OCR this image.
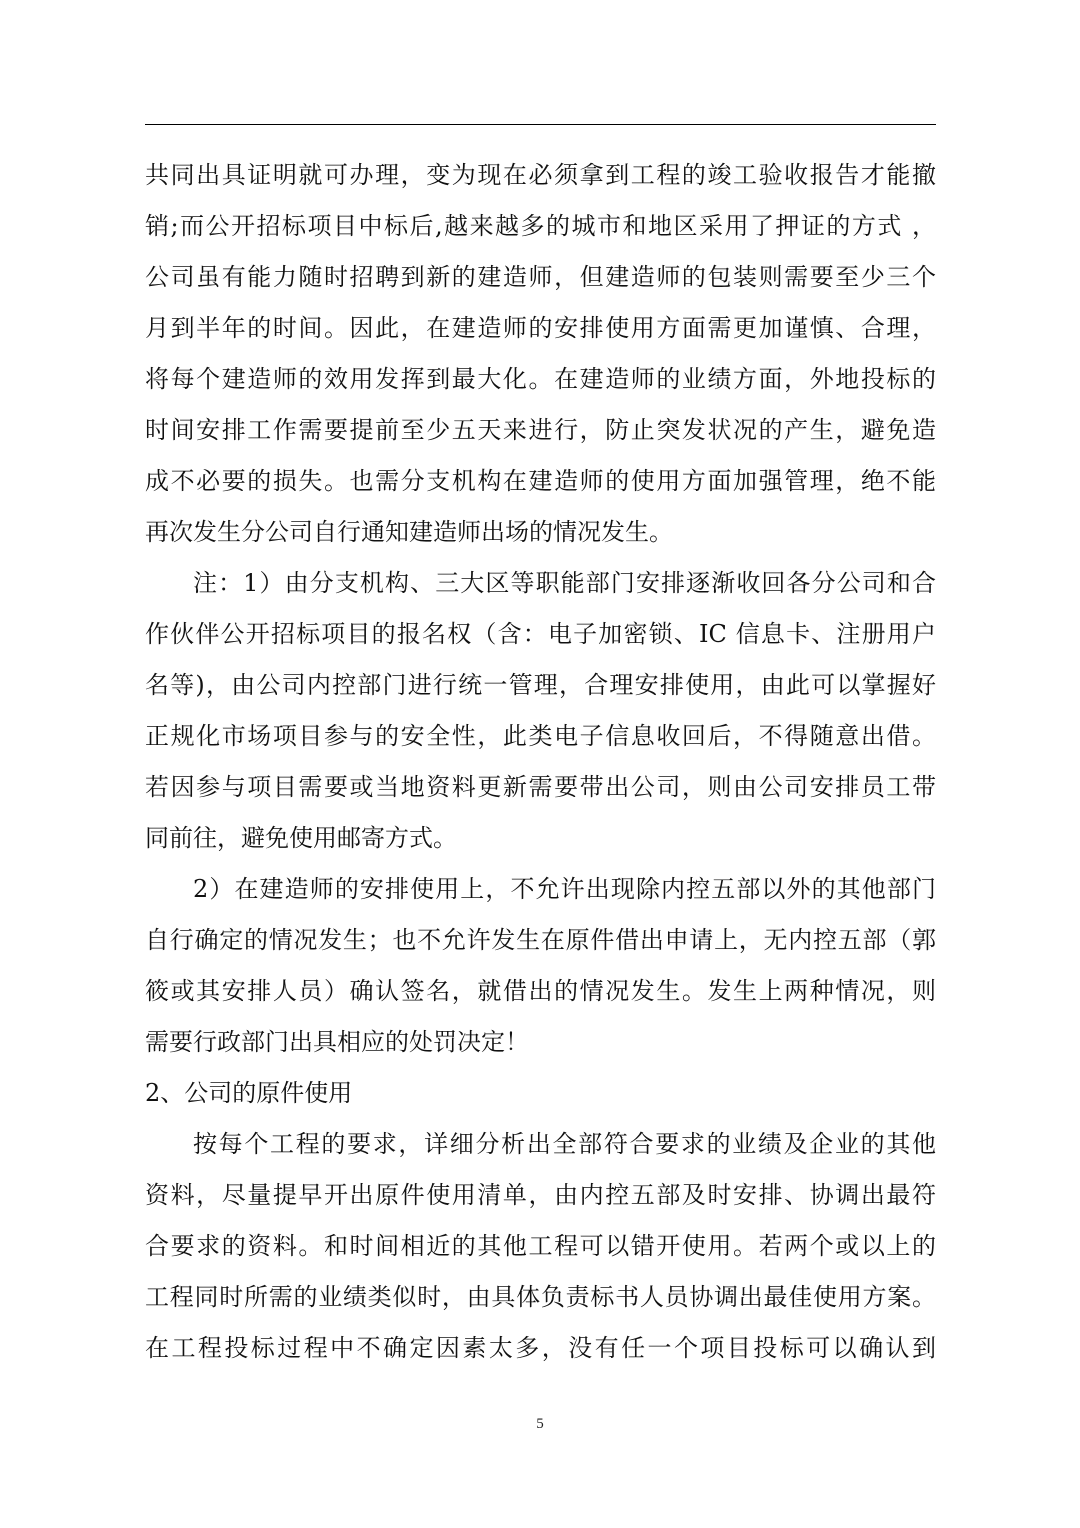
共同出具证明就可办理，变为现在必须拿到工程的竣工验收报告才能撤
销;而公开招标项目中标后,越来越多的城市和地区采用了押证的方式 ，
公司虽有能力随时招聘到新的建造师，但建造师的包装则需要至少三个
月到半年的时间。因此，在建造师的安排使用方面需更加谨慎、合理，
将每个建造师的效用发挥到最大化。在建造师的业绩方面，外地投标的
时间安排工作需要提前至少五天来进行，防止突发状况的产生，避免造
成不必要的损失。也需分支机构在建造师的使用方面加强管理，绝不能
再次发生分公司自行通知建造师出场的情况发生。

注：1）由分支机构、三大区等职能部门安排逐渐收回各分公司和合
作伙伴公开招标项目的报名权（含：电子加密锁、IC 信息卡、注册用户
名等)，由公司内控部门进行统一管理，合理安排使用，由此可以掌握好
正规化市场项目参与的安全性，此类电子信息收回后，不得随意出借。
若因参与项目需要或当地资料更新需要带出公司，则由公司安排员工带
同前往，避免使用邮寄方式。

2）在建造师的安排使用上，不允许出现除内控五部以外的其他部门
自行确定的情况发生；也不允许发生在原件借出申请上，无内控五部（郭
筱或其安排人员）确认签名，就借出的情况发生。发生上两种情况，则
需要行政部门出具相应的处罚决定！

2、公司的原件使用

按每个工程的要求，详细分析出全部符合要求的业绩及企业的其他
资料，尽量提早开出原件使用清单，由内控五部及时安排、协调出最符
合要求的资料。和时间相近的其他工程可以错开使用。若两个或以上的
工程同时所需的业绩类似时，由具体负责标书人员协调出最佳使用方案。
在工程投标过程中不确定因素太多，没有任一个项目投标可以确认到

5
